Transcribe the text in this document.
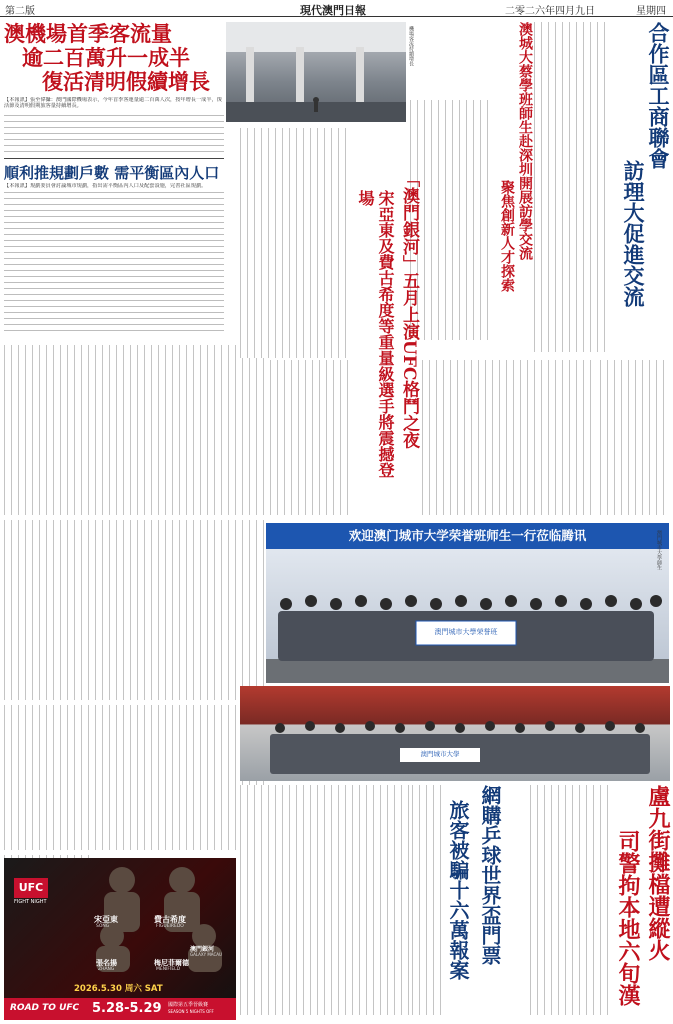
第二版	現代澳門日報	二零二六年四月九日	星期四
澳機場首季客流量
逾二百萬升一成半
復活清明假續增長
【本報訊】張至偉攝：澳門國際機場表示，今年首季客運量逾二百萬人次，按年增長一成半，復活節及清明假期旅客量持續增長。
機場客流持續增長
順利推規劃戶數 需平衡區內人口
【本報訊】規劃委員會討論城市規劃，指出需平衡區內人口及配套設施，完善社區規劃。	澳城大蔡學班師生赴深圳開展訪學交流
聚焦創新人才探索
合作區工商聯會
訪理大促進交流
「澳門銀河」五月上演UFC格鬥之夜
宋亞東及費古希度等重量級選手將震撼登場
欢迎澳门城市大学荣誉班师生一行莅临腾讯
澳門城市大學荣誉班
澳門城市大學
澳門城市大學師生
盧九街攤檔遭縱火
司警拘本地六旬漢
網購乒球世界盃門票
旅客被騙十六萬報案
UFC
FIGHT NIGHT
宋亞東
SONG
費古希度
FIGUEIREDO
張名揚
ZHANG
梅尼菲爾德
MENIFIELD
澳門銀河
GALAXY MACAU
2026.5.30 周六 SAT
ROAD TO UFC 5.28-5.29 國際第五季晉級賽
SEASON 5 NIGHTS OFF
